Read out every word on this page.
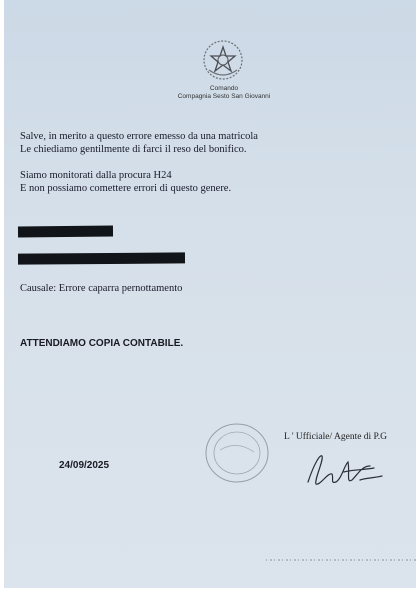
Comando
Compagnia Sesto San Giovanni
Salve, in merito a questo errore emesso da una matricola
Le chiediamo gentilmente di farci il reso del bonifico.
Siamo monitorati dalla procura H24
E non possiamo comettere errori di questo genere.
Causale: Errore caparra pernottamento
ATTENDIAMO COPIA CONTABILE.
L ' Ufficiale/ Agente di P.G
24/09/2025
